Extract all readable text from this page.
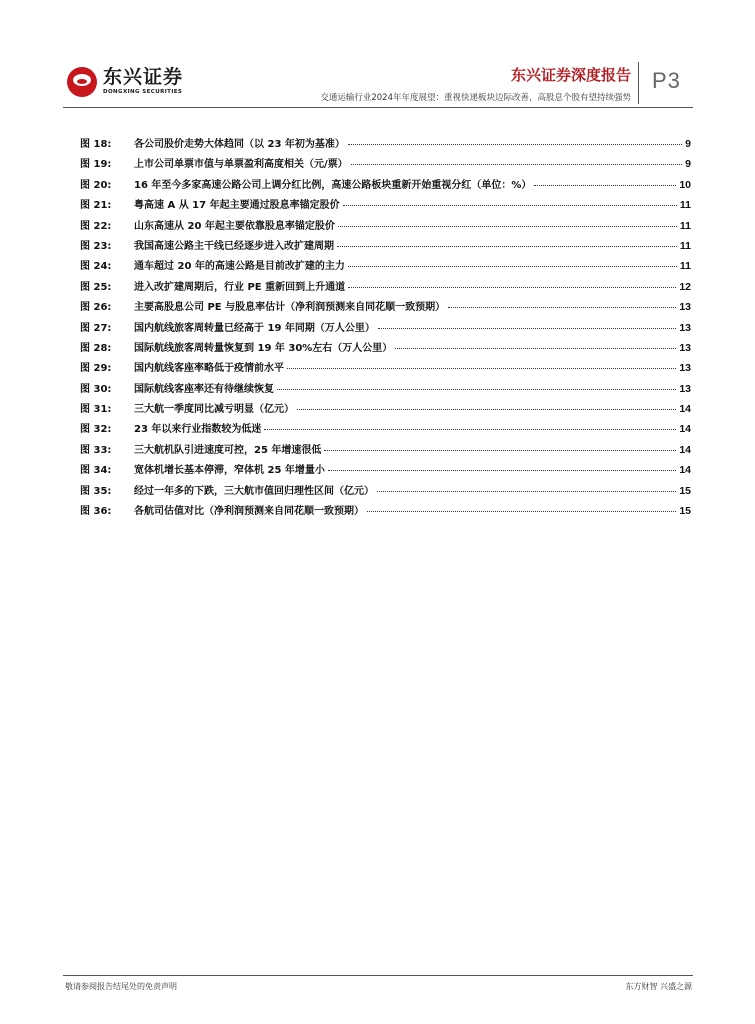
东兴证券
DONGXING SECURITIES
东兴证券深度报告
交通运输行业2024年年度展望：重视快递板块边际改善，高股息个股有望持续强势
P3
图 18:	各公司股价走势大体趋同（以 23 年初为基准）	9
图 19:	上市公司单票市值与单票盈利高度相关（元/票）	9
图 20:	16 年至今多家高速公路公司上调分红比例，高速公路板块重新开始重视分红（单位：%）	10
图 21:	粤高速 A 从 17 年起主要通过股息率锚定股价	11
图 22:	山东高速从 20 年起主要依靠股息率锚定股价	11
图 23:	我国高速公路主干线已经逐步进入改扩建周期	11
图 24:	通车超过 20 年的高速公路是目前改扩建的主力	11
图 25:	进入改扩建周期后，行业 PE 重新回到上升通道	12
图 26:	主要高股息公司 PE 与股息率估计（净利润预测来自同花顺一致预期）	13
图 27:	国内航线旅客周转量已经高于 19 年同期（万人公里）	13
图 28:	国际航线旅客周转量恢复到 19 年 30%左右（万人公里）	13
图 29:	国内航线客座率略低于疫情前水平	13
图 30:	国际航线客座率还有待继续恢复	13
图 31:	三大航一季度同比减亏明显（亿元）	14
图 32:	23 年以来行业指数较为低迷	14
图 33:	三大航机队引进速度可控，25 年增速很低	14
图 34:	宽体机增长基本停滞，窄体机 25 年增量小	14
图 35:	经过一年多的下跌，三大航市值回归理性区间（亿元）	15
图 36:	各航司估值对比（净利润预测来自同花顺一致预期）	15
敬请参阅报告结尾处的免责声明	东方财智 兴盛之源
